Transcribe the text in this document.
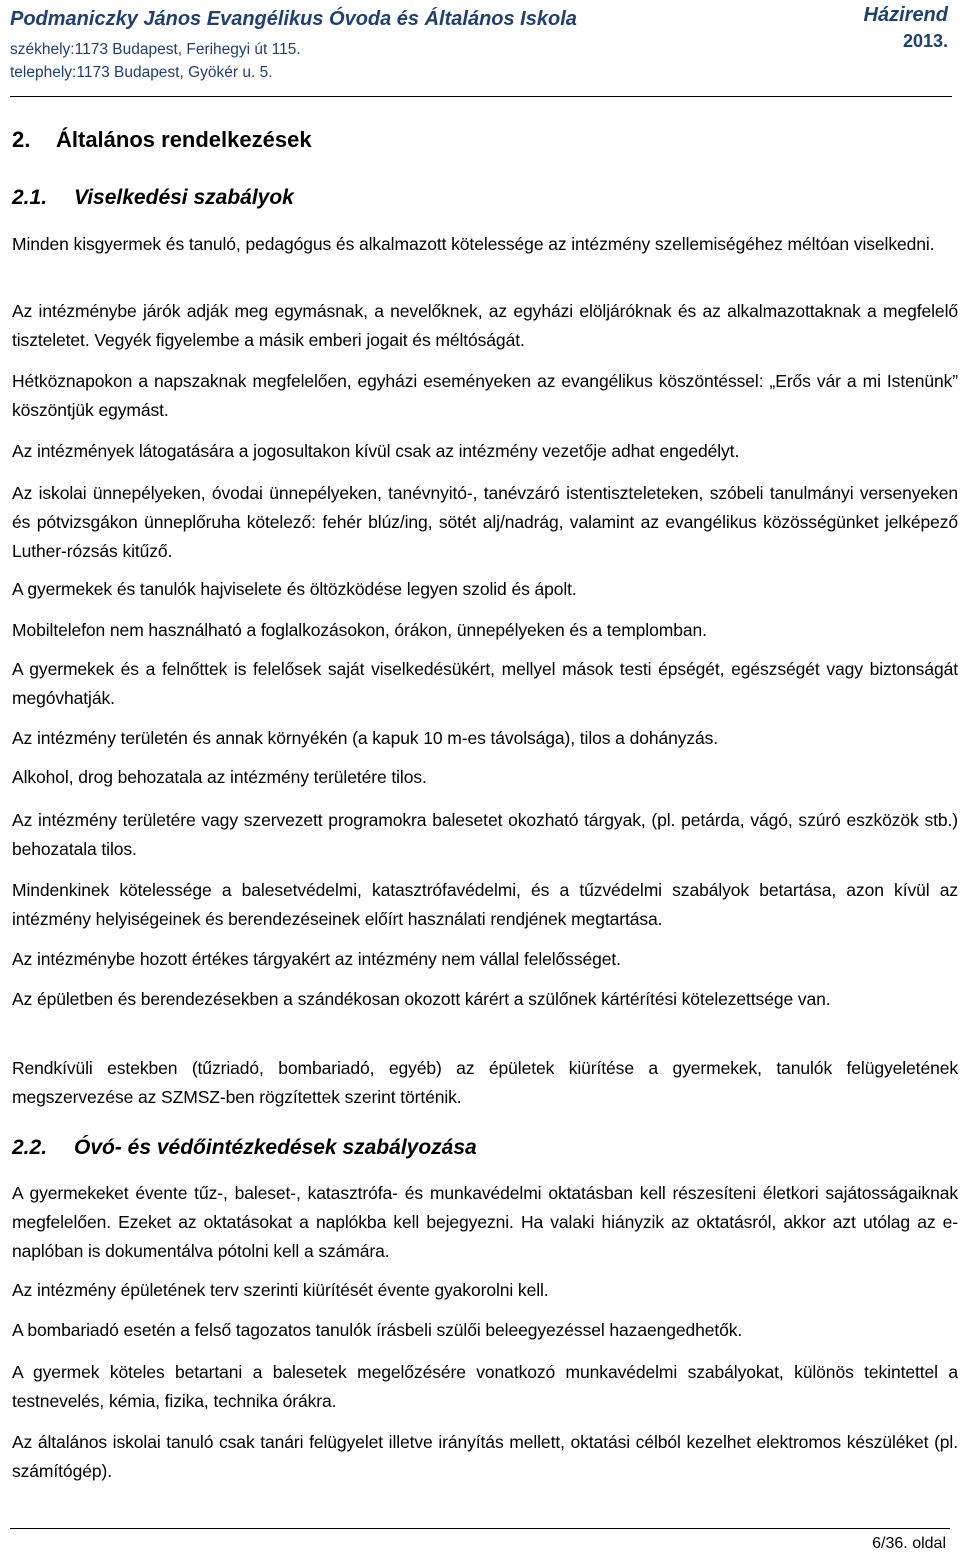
Podmaniczky János Evangélikus Óvoda és Általános Iskola
székhely:1173 Budapest, Ferihegyi út 115.
telephely:1173 Budapest, Gyökér u. 5.
Házirend
2013.
2. Általános rendelkezések
2.1. Viselkedési szabályok

Minden kisgyermek és tanuló, pedagógus és alkalmazott kötelessége az intézmény szellemiségéhez méltóan viselkedni.

Az intézménybe járók adják meg egymásnak, a nevelőknek, az egyházi elöljáróknak és az alkalmazottaknak a megfelelő tiszteletet. Vegyék figyelembe a másik emberi jogait és méltóságát.

Hétköznapokon a napszaknak megfelelően, egyházi eseményeken az evangélikus köszöntéssel: „Erős vár a mi Istenünk” köszöntjük egymást.

Az intézmények látogatására a jogosultakon kívül csak az intézmény vezetője adhat engedélyt.

Az iskolai ünnepélyeken, óvodai ünnepélyeken, tanévnyitó-, tanévzáró istentiszteleteken, szóbeli tanulmányi versenyeken és pótvizsgákon ünneplőruha kötelező: fehér blúz/ing, sötét alj/nadrág, valamint az evangélikus közösségünket jelképező Luther-rózsás kitűző.

A gyermekek és tanulók hajviselete és öltözködése legyen szolid és ápolt.

Mobiltelefon nem használható a foglalkozásokon, órákon, ünnepélyeken és a templomban.

A gyermekek és a felnőttek is felelősek saját viselkedésükért, mellyel mások testi épségét, egészségét vagy biztonságát megóvhatják.

Az intézmény területén és annak környékén (a kapuk 10 m-es távolsága), tilos a dohányzás.

Alkohol, drog behozatala az intézmény területére tilos.

Az intézmény területére vagy szervezett programokra balesetet okozható tárgyak, (pl. petárda, vágó, szúró eszközök stb.) behozatala tilos.

Mindenkinek kötelessége a balesetvédelmi, katasztrófavédelmi, és a tűzvédelmi szabályok betartása, azon kívül az intézmény helyiségeinek és berendezéseinek előírt használati rendjének megtartása.

Az intézménybe hozott értékes tárgyakért az intézmény nem vállal felelősséget.

Az épületben és berendezésekben a szándékosan okozott kárért a szülőnek kártérítési kötelezettsége van.

Rendkívüli estekben (tűzriadó, bombariadó, egyéb) az épületek kiürítése a gyermekek, tanulók felügyeletének megszervezése az SZMSZ-ben rögzítettek szerint történik.

2.2. Óvó- és védőintézkedések szabályozása

A gyermekeket évente tűz-, baleset-, katasztrófa- és munkavédelmi oktatásban kell részesíteni életkori sajátosságaiknak megfelelően. Ezeket az oktatásokat a naplókba kell bejegyezni. Ha valaki hiányzik az oktatásról, akkor azt utólag az e-naplóban is dokumentálva pótolni kell a számára.

Az intézmény épületének terv szerinti kiürítését évente gyakorolni kell.

A bombariadó esetén a felső tagozatos tanulók írásbeli szülői beleegyezéssel hazaengedhetők.

A gyermek köteles betartani a balesetek megelőzésére vonatkozó munkavédelmi szabályokat, különös tekintettel a testnevelés, kémia, fizika, technika órákra.

Az általános iskolai tanuló csak tanári felügyelet illetve irányítás mellett, oktatási célból kezelhet elektromos készüléket (pl. számítógép).

6/36. oldal
